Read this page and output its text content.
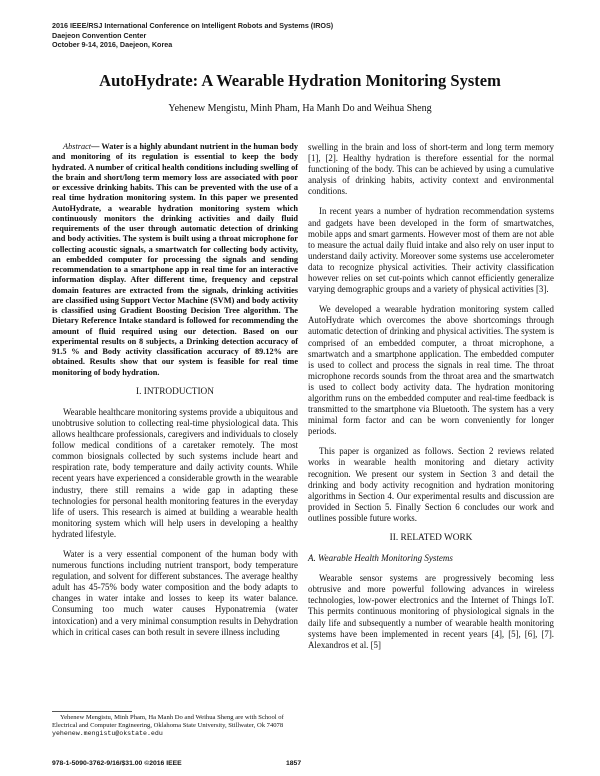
2016 IEEE/RSJ International Conference on Intelligent Robots and Systems (IROS)
Daejeon Convention Center
October 9-14, 2016, Daejeon, Korea
AutoHydrate: A Wearable Hydration Monitoring System
Yehenew Mengistu, Minh Pham, Ha Manh Do and Weihua Sheng

Abstract— Water is a highly abundant nutrient in the human body and monitoring of its regulation is essential to keep the body hydrated. A number of critical health conditions including swelling of the brain and short/long term memory loss are associated with poor or excessive drinking habits. This can be prevented with the use of a real time hydration monitoring system. In this paper we presented AutoHydrate, a wearable hydration monitoring system which continuously monitors the drinking activities and daily fluid requirements of the user through automatic detection of drinking and body activities. The system is built using a throat microphone for collecting acoustic signals, a smartwatch for collecting body activity, an embedded computer for processing the signals and sending recommendation to a smartphone app in real time for an interactive information display. After different time, frequency and cepstral domain features are extracted from the signals, drinking activities are classified using Support Vector Machine (SVM) and body activity is classified using Gradient Boosting Decision Tree algorithm. The Dietary Reference Intake standard is followed for recommending the amount of fluid required using our detection. Based on our experimental results on 8 subjects, a Drinking detection accuracy of 91.5 % and Body activity classification accuracy of 89.12% are obtained. Results show that our system is feasible for real time monitoring of body hydration.

I. INTRODUCTION

Wearable healthcare monitoring systems provide a ubiquitous and unobtrusive solution to collecting real-time physiological data. This allows healthcare professionals, caregivers and individuals to closely follow medical conditions of a caretaker remotely. The most common biosignals collected by such systems include heart and respiration rate, body temperature and daily activity counts. While recent years have experienced a considerable growth in the wearable industry, there still remains a wide gap in adapting these technologies for personal health monitoring features in the everyday life of users. This research is aimed at building a wearable health monitoring system which will help users in developing a healthy hydrated lifestyle.

Water is a very essential component of the human body with numerous functions including nutrient transport, body temperature regulation, and solvent for different substances. The average healthy adult has 45-75% body water composition and the body adapts to changes in water intake and losses to keep its water balance. Consuming too much water causes Hyponatremia (water intoxication) and a very minimal consumption results in Dehydration which in critical cases can both result in severe illness including

swelling in the brain and loss of short-term and long term memory [1], [2]. Healthy hydration is therefore essential for the normal functioning of the body. This can be achieved by using a cumulative analysis of drinking habits, activity context and environmental conditions.

In recent years a number of hydration recommendation systems and gadgets have been developed in the form of smartwatches, mobile apps and smart garments. However most of them are not able to measure the actual daily fluid intake and also rely on user input to understand daily activity. Moreover some systems use accelerometer data to recognize physical activities. Their activity classification however relies on set cut-points which cannot efficiently generalize varying demographic groups and a variety of physical activities [3].

We developed a wearable hydration monitoring system called AutoHydrate which overcomes the above shortcomings through automatic detection of drinking and physical activities. The system is comprised of an embedded computer, a throat microphone, a smartwatch and a smartphone application. The embedded computer is used to collect and process the signals in real time. The throat microphone records sounds from the throat area and the smartwatch is used to collect body activity data. The hydration monitoring algorithm runs on the embedded computer and real-time feedback is transmitted to the smartphone via Bluetooth. The system has a very minimal form factor and can be worn conveniently for longer periods.

This paper is organized as follows. Section 2 reviews related works in wearable health monitoring and dietary activity recognition. We present our system in Section 3 and detail the drinking and body activity recognition and hydration monitoring algorithms in Section 4. Our experimental results and discussion are provided in Section 5. Finally Section 6 concludes our work and outlines possible future works.

II. RELATED WORK

A. Wearable Health Monitoring Systems

Wearable sensor systems are progressively becoming less obtrusive and more powerful following advances in wireless technologies, low-power electronics and the Internet of Things IoT. This permits continuous monitoring of physiological signals in the daily life and subsequently a number of wearable health monitoring systems have been implemented in recent years [4], [5], [6], [7]. Alexandros et al. [5]

Yehenew Mengistu, Minh Pham, Ha Manh Do and Weihua Sheng are with School of Electrical and Computer Engineering, Oklahoma State University, Stillwater, Ok 74078 yehenew.mengistu@okstate.edu
978-1-5090-3762-9/16/$31.00 ©2016 IEEE	1857
